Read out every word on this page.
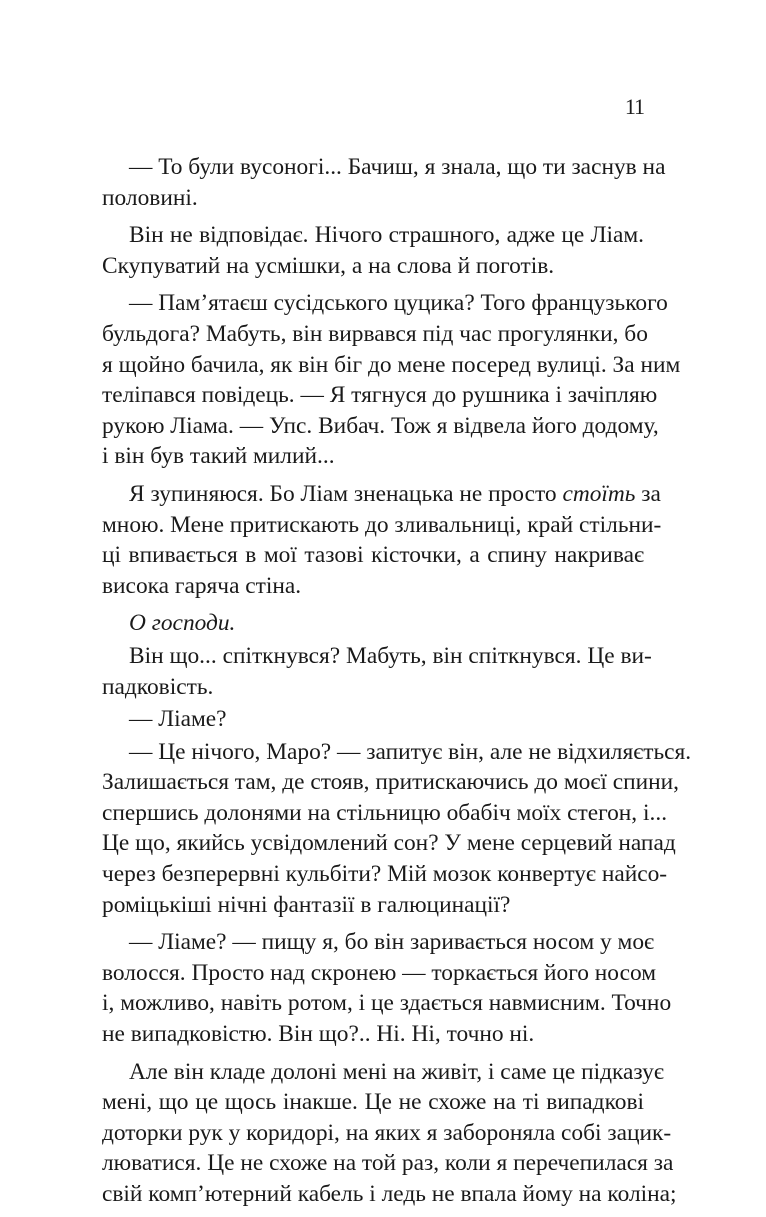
11

— То були вусоногі... Бачиш, я знала, що ти заснув на
половині.

Він не відповідає. Нічого страшного, адже це Ліам.
Скупуватий на усмішки, а на слова й поготів.

— Пам’ятаєш сусідського цуцика? Того французького
бульдога? Мабуть, він вирвався під час прогулянки, бо
я щойно бачила, як він біг до мене посеред вулиці. За ним
теліпався повідець. — Я тягнуся до рушника і зачіпляю
рукою Ліама. — Упс. Вибач. Тож я відвела його додому,
і він був такий милий...

Я зупиняюся. Бо Ліам зненацька не просто стоїть за
мною. Мене притискають до зливальниці, край стільни-
ці впивається в мої тазові кісточки, а спину накриває
висока гаряча стіна.

О господи.

Він що... спіткнувся? Мабуть, він спіткнувся. Це ви-
падковість.

— Ліаме?

— Це нічого, Маро? — запитує він, але не відхиляється.
Залишається там, де стояв, притискаючись до моєї спини,
спершись долонями на стільницю обабіч моїх стегон, і...
Це що, якийсь усвідомлений сон? У мене серцевий напад
через безперервні кульбіти? Мій мозок конвертує найсо-
роміцькіші нічні фантазії в галюцинації?

— Ліаме? — пищу я, бо він заривається носом у моє
волосся. Просто над скронею — торкається його носом
і, можливо, навіть ротом, і це здається навмисним. Точно
не випадковістю. Він що?.. Ні. Ні, точно ні.

Але він кладе долоні мені на живіт, і саме це підказує
мені, що це щось інакше. Це не схоже на ті випадкові
доторки рук у коридорі, на яких я забороняла собі зацик-
люватися. Це не схоже на той раз, коли я перечепилася за
свій комп’ютерний кабель і ледь не впала йому на коліна;
